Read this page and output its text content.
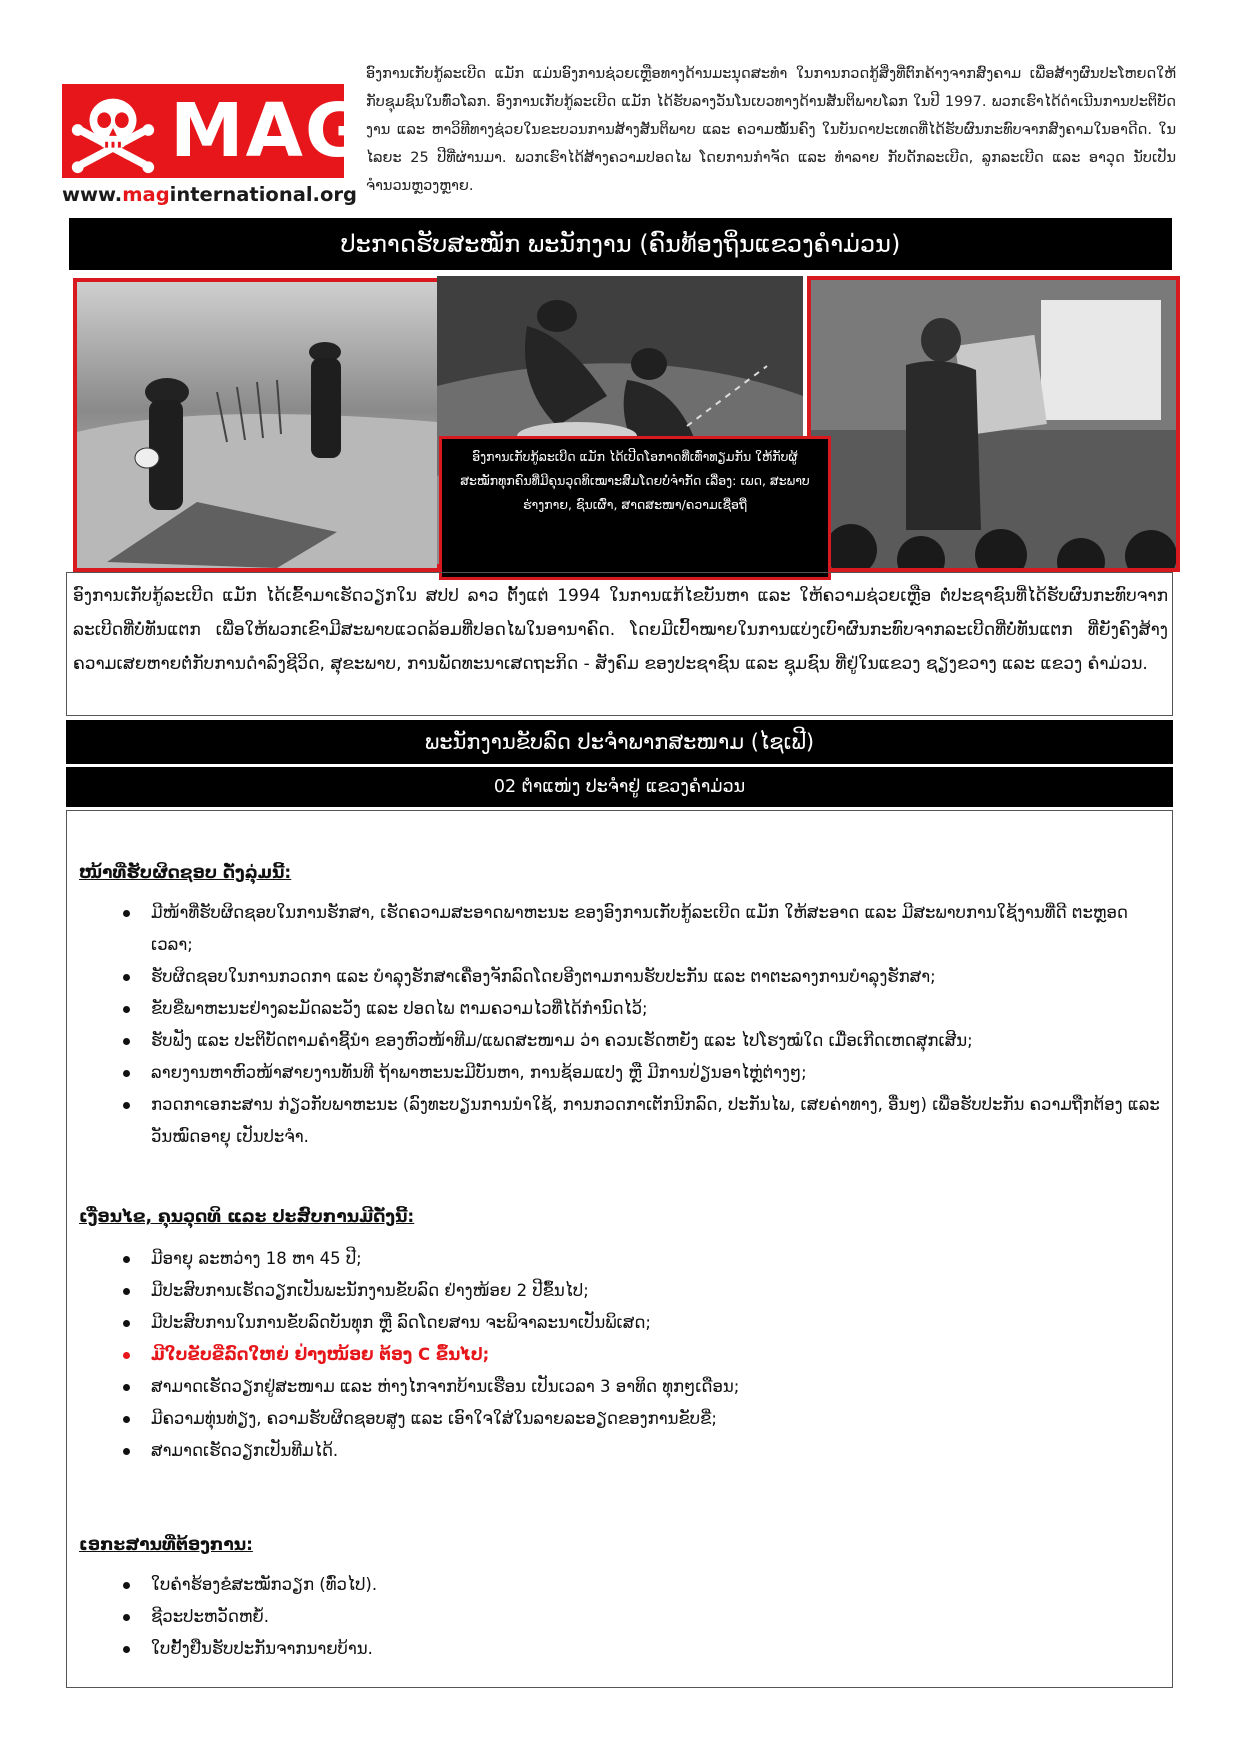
MAG
www.maginternational.org
ອົງການເກັບກູ້ລະເບີດ ແມັກ ແມ່ນອົງການຊ່ວຍເຫຼືອທາງດ້ານມະນຸດສະທຳ ໃນການກວດກູ້ສິ່ງທີ່ຕົກຄ້າງຈາກສົງຄາມ ເພື່ອສ້າງຜົນປະໂຫຍດໃຫ້ກັບຊຸມຊົນໃນທົ່ວໂລກ. ອົງການເກັບກູ້ລະເບີດ ແມັກ ໄດ້ຮັບລາງວັນໂນເບວທາງດ້ານສັນຕິພາບໂລກ ໃນປີ 1997. ພວກເຮົາໄດ້ດຳເນີນການປະຕິບັດງານ ແລະ ຫາວິທີທາງຊ່ວຍໃນຂະບວນການສ້າງສັນຕິພາບ ແລະ ຄວາມໝັ້ນຄົງ ໃນບັນດາປະເທດທີ່ໄດ້ຮັບຜົນກະທົບຈາກສົງຄາມໃນອາດີດ. ໃນໄລຍະ 25 ປີທີ່ຜ່ານມາ. ພວກເຮົາໄດ້ສ້າງຄວາມປອດໄພ ໂດຍການກຳຈັດ ແລະ ທຳລາຍ ກັບດັກລະເບີດ, ລູກລະເບີດ ແລະ ອາວຸດ ນັບເປັນຈຳນວນຫຼວງຫຼາຍ.
ປະກາດຮັບສະໝັກ ພະນັກງານ (ຄົນທ້ອງຖິ່ນແຂວງຄຳມ່ວນ)
ອົງການເກັບກູ້ລະເບີດ ແມັກ ໄດ້ເປີດໂອກາດທີ່ເທົ່າທຽມກັນ ໃຫ້ກັບຜູ້ສະໝັກທຸກຄົນທີ່ມີຄຸນວຸດທິເໝາະສົມໂດຍບໍ່ຈຳກັດ ເລື່ອງ: ເພດ, ສະພາບຮ່າງກາຍ, ຊົນເຜົ່າ, ສາດສະໜາ/ຄວາມເຊື່ອຖື
ອົງການເກັບກູ້ລະເບີດ ແມັກ ໄດ້ເຂົ້າມາເຮັດວຽກໃນ ສປປ ລາວ ຕັ້ງແຕ່ 1994 ໃນການແກ້ໄຂບັນຫາ ແລະ ໃຫ້ຄວາມຊ່ວຍເຫຼືອ ຕໍ່ປະຊາຊົນທີ່ໄດ້ຮັບຜົນກະທົບຈາກລະເບີດທີ່ບໍ່ທັນແຕກ ເພື່ອໃຫ້ພວກເຂົາມີສະພາບແວດລ້ອມທີ່ປອດໄພໃນອານາຄົດ. ໂດຍມີເປົ້າໝາຍໃນການແບ່ງເບົາຜົນກະທົບຈາກລະເບີດທີ່ບໍ່ທັນແຕກ ທີ່ຍັງຄົງສ້າງຄວາມເສຍຫາຍຕໍ່ກັບການດຳລົງຊີວິດ, ສຸຂະພາບ, ການພັດທະນາເສດຖະກິດ - ສັງຄົມ ຂອງປະຊາຊົນ ແລະ ຊຸມຊົນ ທີ່ຢູ່ໃນແຂວງ ຊຽງຂວາງ ແລະ ແຂວງ ຄຳມ່ວນ.
ພະນັກງານຂັບລົດ ປະຈຳພາກສະໜາມ (ໄຊເຟີ)
02 ຕຳແໜ່ງ ປະຈຳຢູ່ ແຂວງຄຳມ່ວນ
ໜ້າທີ່ຮັບຜິດຊອບ ດັ່ງລຸ່ມນີ້:
ມີໜ້າທີ່ຮັບຜິດຊອບໃນການຮັກສາ, ເຮັດຄວາມສະອາດພາຫະນະ ຂອງອົງການເກັບກູ້ລະເບີດ ແມັກ ໃຫ້ສະອາດ ແລະ ມີສະພາບການໃຊ້ງານທີ່ດີ ຕະຫຼອດເວລາ;
ຮັບຜິດຊອບໃນການກວດກາ ແລະ ບຳລຸງຮັກສາເຄື່ອງຈັກລົດໂດຍອີງຕາມການຮັບປະກັນ ແລະ ຕາຕະລາງການບຳລຸງຮັກສາ;
ຂັບຂີ່ພາຫະນະຢ່າງລະມັດລະວັງ ແລະ ປອດໄພ ຕາມຄວາມໄວທີ່ໄດ້ກຳນົດໄວ້;
ຮັບຟັງ ແລະ ປະຕິບັດຕາມຄຳຊີ້ນຳ ຂອງຫົວໜ້າທີມ/ແພດສະໜາມ ວ່າ ຄວນເຮັດຫຍັງ ແລະ ໄປໂຮງໝໍໃດ ເມື່ອເກີດເຫດສຸກເສີນ;
ລາຍງານຫາຫົວໜ້າສາຍງານທັນທີ ຖ້າພາຫະນະມີບັນຫາ, ການຊ້ອມແປງ ຫຼື ມີການປ່ຽນອາໄຫຼ່ຕ່າງໆ;
ກວດກາເອກະສານ ກ່ຽວກັບພາຫະນະ (ລົງທະບຽນການນຳໃຊ້, ການກວດກາເຕັກນິກລົດ, ປະກັນໄພ, ເສຍຄ່າທາງ, ອື່ນໆ) ເພື່ອຮັບປະກັນ ຄວາມຖືກຕ້ອງ ແລະ ວັນໝົດອາຍຸ ເປັນປະຈຳ.
ເງື່ອນໄຂ, ຄຸນວຸດທິ ແລະ ປະສົບການມີດັ່ງນີ້:
ມີອາຍຸ ລະຫວ່າງ 18 ຫາ 45 ປີ;
ມີປະສົບການເຮັດວຽກເປັນພະນັກງານຂັບລົດ ຢ່າງໜ້ອຍ 2 ປີຂຶ້ນໄປ;
ມີປະສົບການໃນການຂັບລົດບັນທຸກ ຫຼື ລົດໂດຍສານ ຈະພິຈາລະນາເປັນພິເສດ;
ມີໃບຂັບຂີ່ລົດໃຫຍ່ ຢ່າງໜ້ອຍ ຕ້ອງ C ຂຶ້ນໄປ;
ສາມາດເຮັດວຽກຢູ່ສະໜາມ ແລະ ຫ່າງໄກຈາກບ້ານເຮືອນ ເປັນເວລາ 3 ອາທິດ ທຸກໆເດືອນ;
ມີຄວາມທຸ່ນທ່ຽງ, ຄວາມຮັບຜິດຊອບສູງ ແລະ ເອົາໃຈໃສ່ໃນລາຍລະອຽດຂອງການຂັບຂີ່;
ສາມາດເຮັດວຽກເປັນທີມໄດ້.
ເອກະສານທີ່ຕ້ອງການ:
ໃບຄຳຮ້ອງຂໍສະໝັກວຽກ (ທົ່ວໄປ).
ຊີວະປະຫວັດຫຍໍ້.
ໃບຢັ້ງຢືນຮັບປະກັນຈາກນາຍບ້ານ.
